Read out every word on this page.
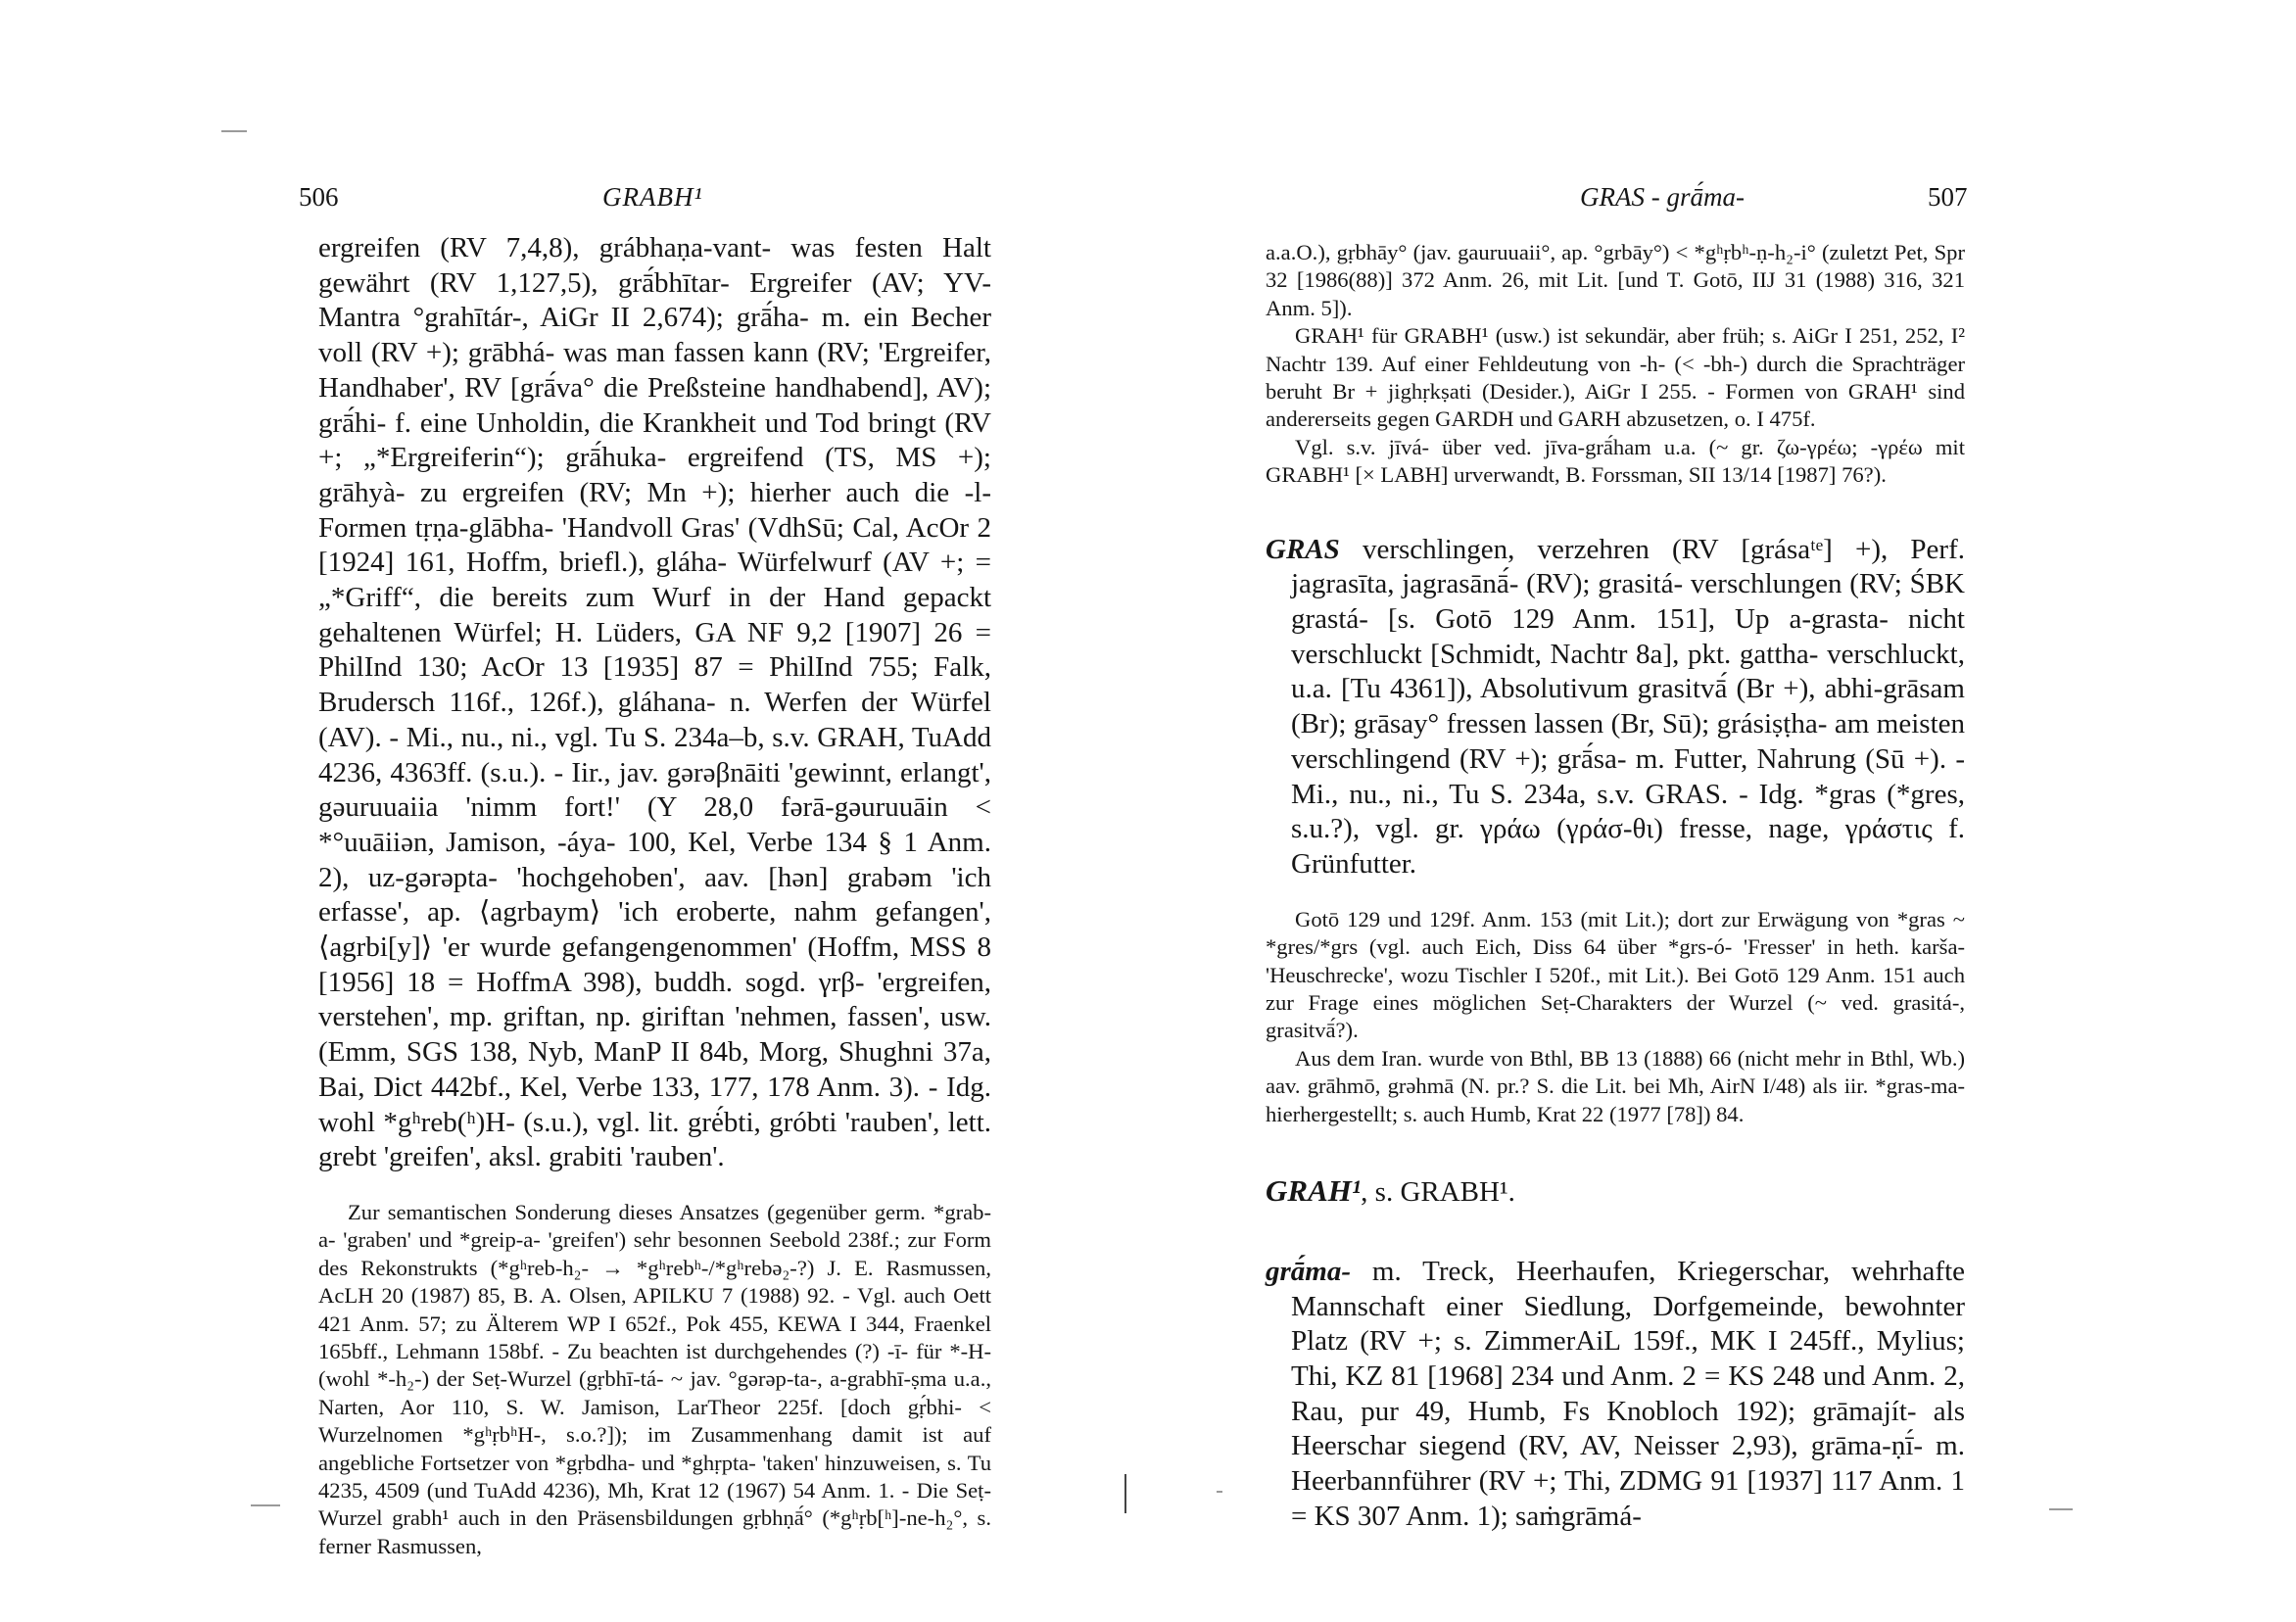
506	GRABH¹

ergreifen (RV 7,4,8), grábhaṇa-vant- was festen Halt gewährt (RV 1,127,5), grā́bhītar- Ergreifer (AV; YV-Mantra °grahītár-, AiGr II 2,674); grā́ha- m. ein Becher voll (RV +); grābhá- was man fassen kann (RV; 'Ergreifer, Handhaber', RV [grā́va° die Preßsteine handhabend], AV); grā́hi- f. eine Unholdin, die Krankheit und Tod bringt (RV +; „*Ergreiferin“); grā́huka- ergreifend (TS, MS +); grāhyà- zu ergreifen (RV; Mn +); hierher auch die -l-Formen tṛṇa-glābha- 'Handvoll Gras' (VdhSū; Cal, AcOr 2 [1924] 161, Hoffm, briefl.), gláha- Würfelwurf (AV +; = „*Griff“, die bereits zum Wurf in der Hand gepackt gehaltenen Würfel; H. Lüders, GA NF 9,2 [1907] 26 = PhilInd 130; AcOr 13 [1935] 87 = PhilInd 755; Falk, Brudersch 116f., 126f.), gláhana- n. Werfen der Würfel (AV). - Mi., nu., ni., vgl. Tu S. 234a–b, s.v. GRAH, TuAdd 4236, 4363ff. (s.u.). - Iir., jav. gərəβnāiti 'gewinnt, erlangt', gəuruuaiia 'nimm fort!' (Y 28,0 fərā-gəuruuāin < *°uuāiiən, Jamison, -áya- 100, Kel, Verbe 134 § 1 Anm. 2), uz-gərəpta- 'hochgehoben', aav. [hən] grabəm 'ich erfasse', ap. ⟨agrbaym⟩ 'ich eroberte, nahm gefangen', ⟨agrbi[y]⟩ 'er wurde gefangengenommen' (Hoffm, MSS 8 [1956] 18 = HoffmA 398), buddh. sogd. γrβ- 'ergreifen, verstehen', mp. griftan, np. giriftan 'nehmen, fassen', usw. (Emm, SGS 138, Nyb, ManP II 84b, Morg, Shughni 37a, Bai, Dict 442bf., Kel, Verbe 133, 177, 178 Anm. 3). - Idg. wohl *gʰreb(ʰ)H- (s.u.), vgl. lit. grė́bti, gróbti 'rauben', lett. grebt 'greifen', aksl. grabiti 'rauben'.

Zur semantischen Sonderung dieses Ansatzes (gegenüber germ. *grab-a- 'graben' und *greip-a- 'greifen') sehr besonnen Seebold 238f.; zur Form des Rekonstrukts (*gʰreb-h₂- → *gʰrebʰ-/*gʰrebə₂-?) J. E. Rasmussen, AcLH 20 (1987) 85, B. A. Olsen, APILKU 7 (1988) 92. - Vgl. auch Oett 421 Anm. 57; zu Älterem WP I 652f., Pok 455, KEWA I 344, Fraenkel 165bff., Lehmann 158bf. - Zu beachten ist durchgehendes (?) -ī- für *-H- (wohl *-h₂-) der Seṭ-Wurzel (gṛbhī-tá- ~ jav. °gərəp-ta-, a-grabhī-ṣma u.a., Narten, Aor 110, S. W. Jamison, LarTheor 225f. [doch gṛ́bhi- < Wurzelnomen *gʰṛbʰH-, s.o.?]); im Zusammenhang damit ist auf angebliche Fortsetzer von *gṛbdha- und *ghṛpta- 'taken' hinzuweisen, s. Tu 4235, 4509 (und TuAdd 4236), Mh, Krat 12 (1967) 54 Anm. 1. - Die Seṭ-Wurzel grabh¹ auch in den Präsensbildungen gṛbhṇā́° (*gʰṛb[ʰ]-ne-h₂°, s. ferner Rasmussen,

GRAS - grā́ma-	507

a.a.O.), gṛbhāy° (jav. gauruuaii°, ap. °grbāy°) < *gʰṛbʰ-ṇ-h₂-i° (zuletzt Pet, Spr 32 [1986(88)] 372 Anm. 26, mit Lit. [und T. Gotō, IIJ 31 (1988) 316, 321 Anm. 5]).

GRAH¹ für GRABH¹ (usw.) ist sekundär, aber früh; s. AiGr I 251, 252, I² Nachtr 139. Auf einer Fehldeutung von -h- (< -bh-) durch die Sprachträger beruht Br + jighṛkṣati (Desider.), AiGr I 255. - Formen von GRAH¹ sind andererseits gegen GARDH und GARH abzusetzen, o. I 475f.

Vgl. s.v. jīvá- über ved. jīva-grā́ham u.a. (~ gr. ζω-γρέω; -γρέω mit GRABH¹ [× LABH] urverwandt, B. Forssman, SII 13/14 [1987] 76?).

GRAS verschlingen, verzehren (RV [grásaᵗᵉ] +), Perf. jagrasīta, jagrasānā́- (RV); grasitá- verschlungen (RV; ŚBK grastá- [s. Gotō 129 Anm. 151], Up a-grasta- nicht verschluckt [Schmidt, Nachtr 8a], pkt. gattha- verschluckt, u.a. [Tu 4361]), Absolutivum grasitvā́ (Br +), abhi-grāsam (Br); grāsay° fressen lassen (Br, Sū); grásiṣṭha- am meisten verschlingend (RV +); grā́sa- m. Futter, Nahrung (Sū +). - Mi., nu., ni., Tu S. 234a, s.v. GRAS. - Idg. *gras (*gres, s.u.?), vgl. gr. γράω (γράσ-θι) fresse, nage, γράστις f. Grünfutter.

Gotō 129 und 129f. Anm. 153 (mit Lit.); dort zur Erwägung von *gras ~ *gres/*grs (vgl. auch Eich, Diss 64 über *grs-ó- 'Fresser' in heth. karša- 'Heuschrecke', wozu Tischler I 520f., mit Lit.). Bei Gotō 129 Anm. 151 auch zur Frage eines möglichen Seṭ-Charakters der Wurzel (~ ved. grasitá-, grasitvā́?).

Aus dem Iran. wurde von Bthl, BB 13 (1888) 66 (nicht mehr in Bthl, Wb.) aav. grāhmō, grǝhmā (N. pr.? S. die Lit. bei Mh, AirN I/48) als iir. *gras-ma- hierhergestellt; s. auch Humb, Krat 22 (1977 [78]) 84.

GRAH¹, s. GRABH¹.

grā́ma- m. Treck, Heerhaufen, Kriegerschar, wehrhafte Mannschaft einer Siedlung, Dorfgemeinde, bewohnter Platz (RV +; s. ZimmerAiL 159f., MK I 245ff., Mylius; Thi, KZ 81 [1968] 234 und Anm. 2 = KS 248 und Anm. 2, Rau, pur 49, Humb, Fs Knobloch 192); grāmajít- als Heerschar siegend (RV, AV, Neisser 2,93), grāma-ṇī́- m. Heerbannführer (RV +; Thi, ZDMG 91 [1937] 117 Anm. 1 = KS 307 Anm. 1); saṁgrāmá-
